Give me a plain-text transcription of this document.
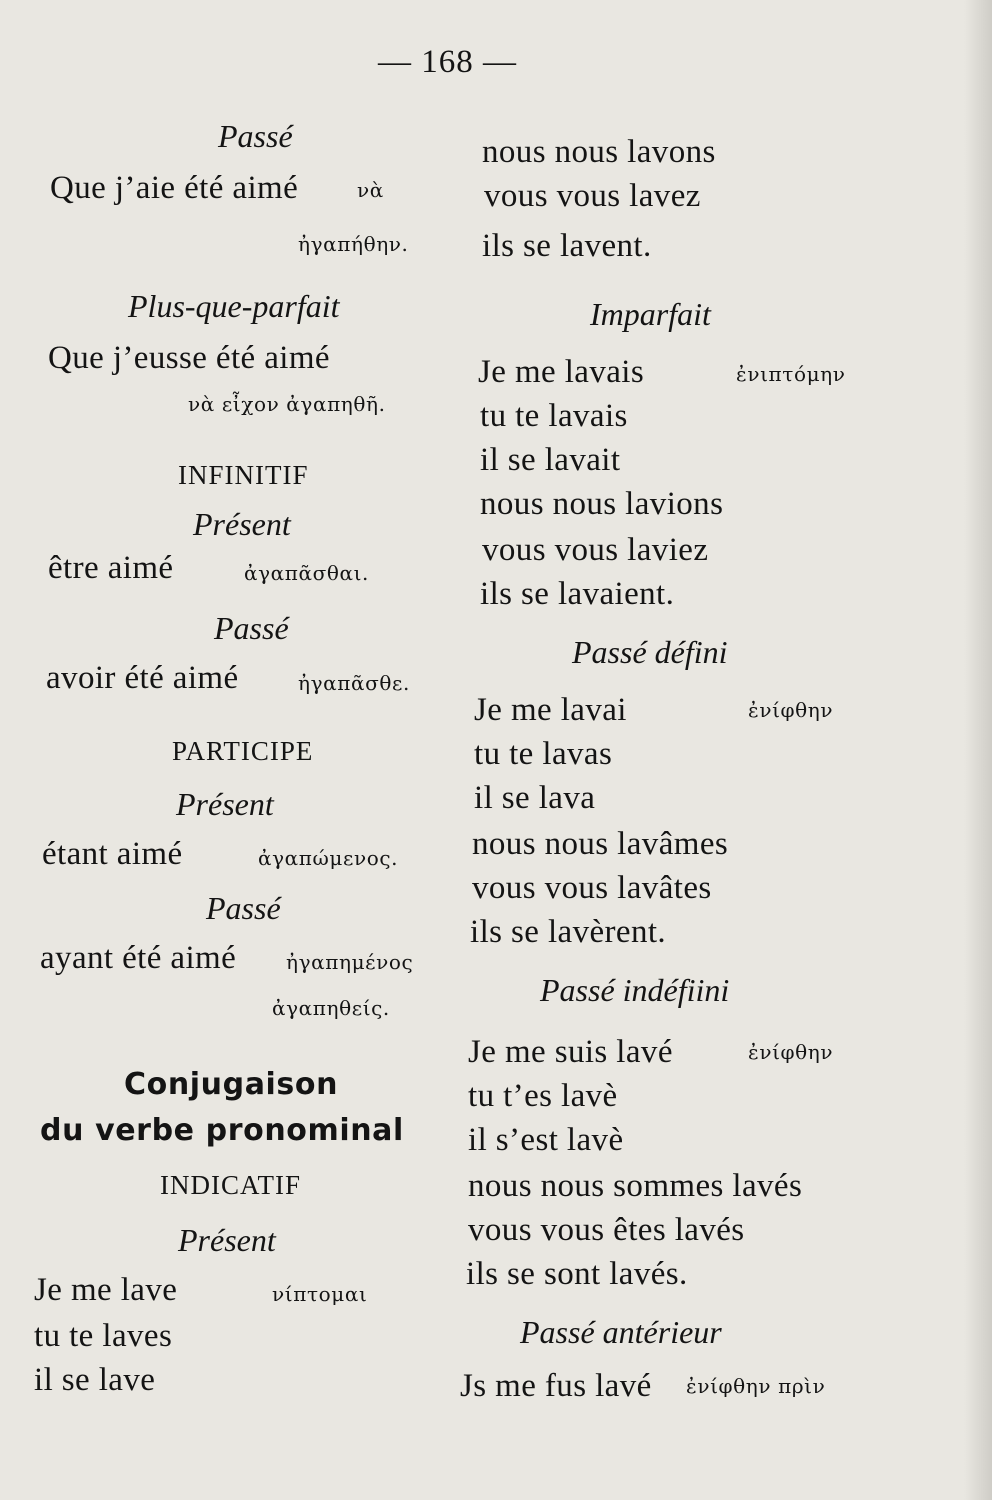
— 168 —
Passé
Que j’aie été aimé	νὰ
ἠγαπήθην.
Plus-que-parfait
Que j’eusse été aimé
νὰ εἶχον ἀγαπηθῆ.
INFINITIF
Présent
être aimé	ἀγαπᾶσθαι.
Passé
avoir été aimé	ἠγαπᾶσθε.
PARTICIPE
Présent
étant aimé	ἀγαπώμενος.
Passé
ayant été aimé ἠγαπημένος
ἀγαπηθείς.
Conjugaison
du verbe pronominal
INDICATIF
Présent
Je me lave	νίπτομαι
tu te laves
il se lave
nous nous lavons
vous vous lavez
ils se lavent.
Imparfait
Je me lavais	ἐνιπτόμην
tu te lavais
il se lavait
nous nous lavions
vous vous laviez
ils se lavaient.
Passé défini
Je me lavai	ἐνίφθην
tu te lavas
il se lava
nous nous lavâmes
vous vous lavâtes
ils se lavèrent.
Passé indéfiini
Je me suis lavé	ἐνίφθην
tu t’es lavè
il s’est lavè
nous nous sommes lavés
vous vous êtes lavés
ils se sont lavés.
Passé antérieur
Js me fus lavé ἐνίφθην πρὶν
